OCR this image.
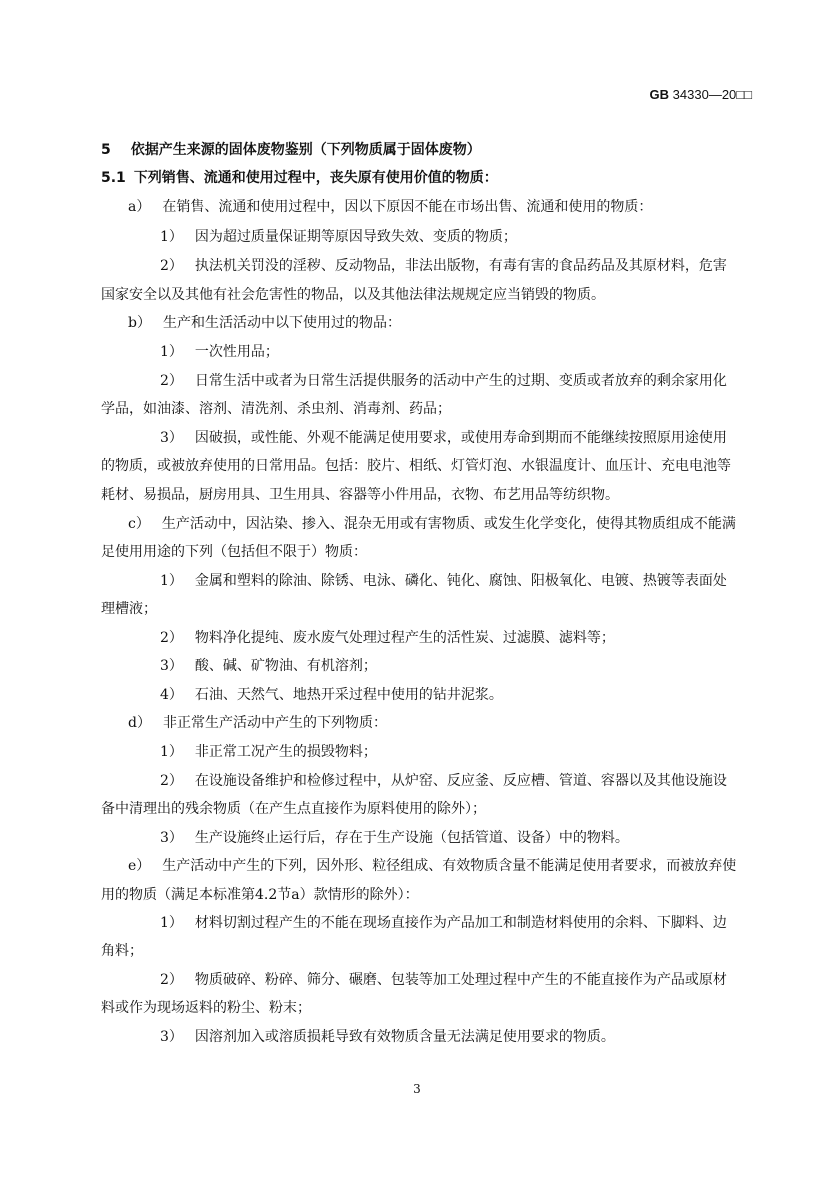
GB 34330—20□□
5 依据产生来源的固体废物鉴别（下列物质属于固体废物）
5.1 下列销售、流通和使用过程中，丧失原有使用价值的物质：
a） 在销售、流通和使用过程中，因以下原因不能在市场出售、流通和使用的物质：
1） 因为超过质量保证期等原因导致失效、变质的物质；
2） 执法机关罚没的淫秽、反动物品，非法出版物，有毒有害的食品药品及其原材料，危害
国家安全以及其他有社会危害性的物品，以及其他法律法规规定应当销毁的物质。
b） 生产和生活活动中以下使用过的物品：
1） 一次性用品；
2） 日常生活中或者为日常生活提供服务的活动中产生的过期、变质或者放弃的剩余家用化
学品，如油漆、溶剂、清洗剂、杀虫剂、消毒剂、药品；
3） 因破损，或性能、外观不能满足使用要求，或使用寿命到期而不能继续按照原用途使用
的物质，或被放弃使用的日常用品。包括：胶片、相纸、灯管灯泡、水银温度计、血压计、充电电池等
耗材、易损品，厨房用具、卫生用具、容器等小件用品，衣物、布艺用品等纺织物。
c） 生产活动中，因沾染、掺入、混杂无用或有害物质、或发生化学变化，使得其物质组成不能满
足使用用途的下列（包括但不限于）物质：
1） 金属和塑料的除油、除锈、电泳、磷化、钝化、腐蚀、阳极氧化、电镀、热镀等表面处
理槽液；
2） 物料净化提纯、废水废气处理过程产生的活性炭、过滤膜、滤料等；
3） 酸、碱、矿物油、有机溶剂；
4） 石油、天然气、地热开采过程中使用的钻井泥浆。
d） 非正常生产活动中产生的下列物质：
1） 非正常工况产生的损毁物料；
2） 在设施设备维护和检修过程中，从炉窑、反应釜、反应槽、管道、容器以及其他设施设
备中清理出的残余物质（在产生点直接作为原料使用的除外）；
3） 生产设施终止运行后，存在于生产设施（包括管道、设备）中的物料。
e） 生产活动中产生的下列，因外形、粒径组成、有效物质含量不能满足使用者要求，而被放弃使
用的物质（满足本标准第4.2节a）款情形的除外）：
1） 材料切割过程产生的不能在现场直接作为产品加工和制造材料使用的余料、下脚料、边
角料；
2） 物质破碎、粉碎、筛分、碾磨、包装等加工处理过程中产生的不能直接作为产品或原材
料或作为现场返料的粉尘、粉末；
3） 因溶剂加入或溶质损耗导致有效物质含量无法满足使用要求的物质。
3
